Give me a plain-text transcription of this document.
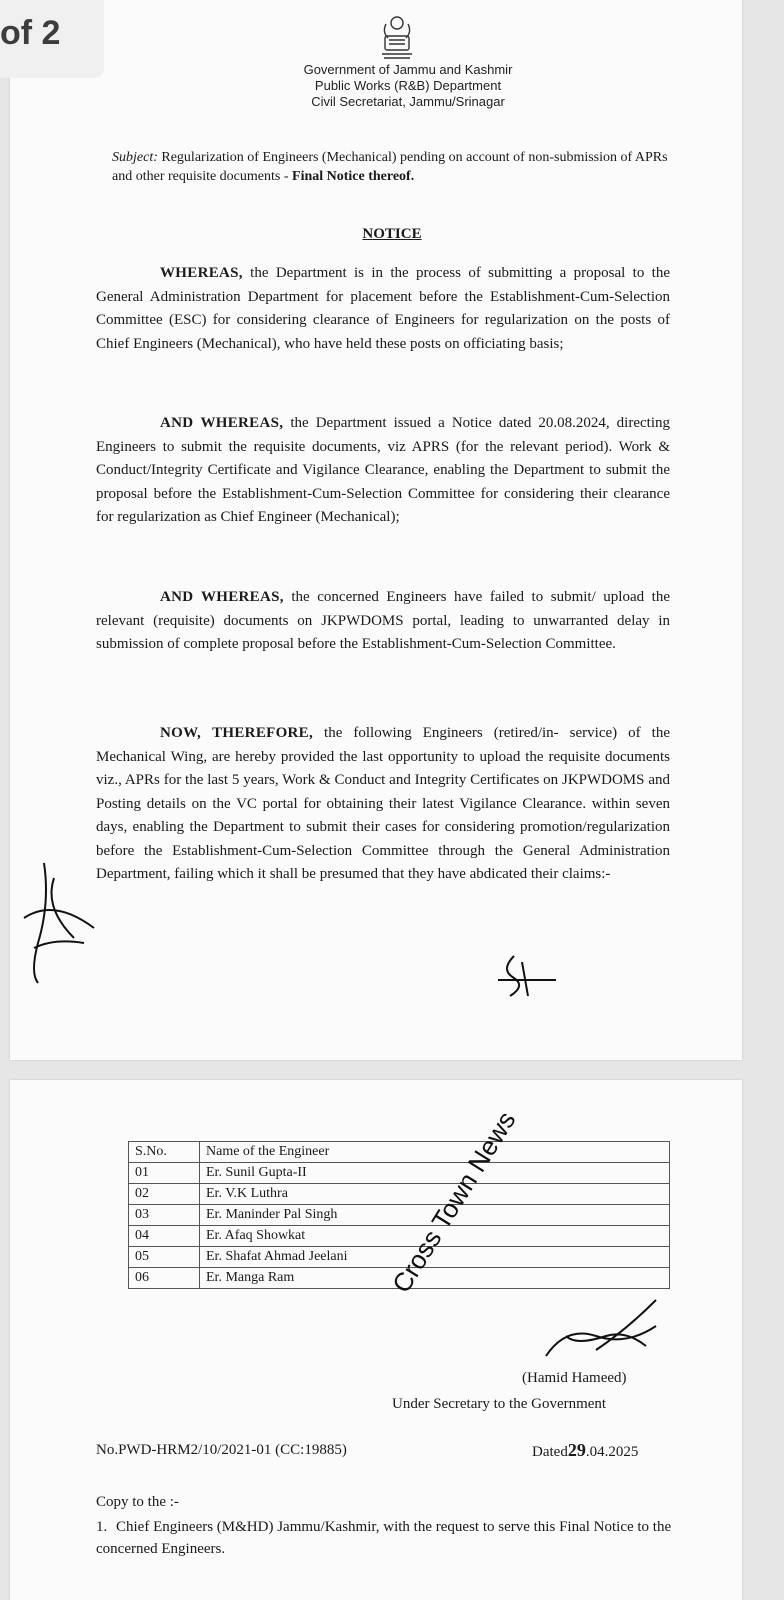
Government of Jammu and Kashmir
Public Works (R&B) Department
Civil Secretariat, Jammu/Srinagar
of 2
Subject: Regularization of Engineers (Mechanical) pending on account of non-submission of APRs and other requisite documents - Final Notice thereof.
NOTICE
WHEREAS, the Department is in the process of submitting a proposal to the General Administration Department for placement before the Establishment-Cum-Selection Committee (ESC) for considering clearance of Engineers for regularization on the posts of Chief Engineers (Mechanical), who have held these posts on officiating basis;
AND WHEREAS, the Department issued a Notice dated 20.08.2024, directing Engineers to submit the requisite documents, viz APRS (for the relevant period). Work & Conduct/Integrity Certificate and Vigilance Clearance, enabling the Department to submit the proposal before the Establishment-Cum-Selection Committee for considering their clearance for regularization as Chief Engineer (Mechanical);
AND WHEREAS, the concerned Engineers have failed to submit/ upload the relevant (requisite) documents on JKPWDOMS portal, leading to unwarranted delay in submission of complete proposal before the Establishment-Cum-Selection Committee.
NOW, THEREFORE, the following Engineers (retired/in- service) of the Mechanical Wing, are hereby provided the last opportunity to upload the requisite documents viz., APRs for the last 5 years, Work & Conduct and Integrity Certificates on JKPWDOMS and Posting details on the VC portal for obtaining their latest Vigilance Clearance. within seven days, enabling the Department to submit their cases for considering promotion/regularization before the Establishment-Cum-Selection Committee through the General Administration Department, failing which it shall be presumed that they have abdicated their claims:-
S.No.	Name of the Engineer
01	Er. Sunil Gupta-II
02	Er. V.K Luthra
03	Er. Maninder Pal Singh
04	Er. Afaq Showkat
05	Er. Shafat Ahmad Jeelani
06	Er. Manga Ram	Cross Town News
(Hamid Hameed)
Under Secretary to the Government
No.PWD-HRM2/10/2021-01 (CC:19885)	Dated29.04.2025
Copy to the :-
1. Chief Engineers (M&HD) Jammu/Kashmir, with the request to serve this Final Notice to the concerned Engineers.
